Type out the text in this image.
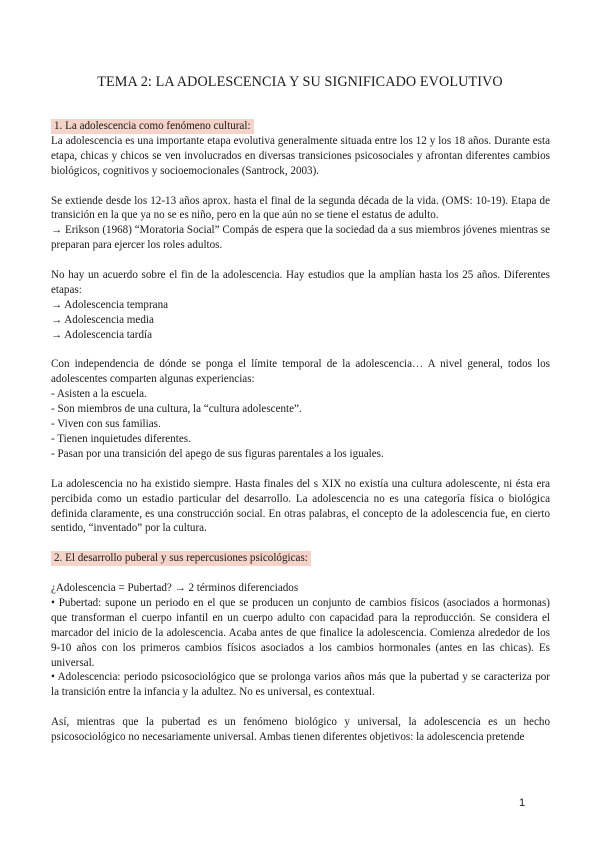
TEMA 2: LA ADOLESCENCIA Y SU SIGNIFICADO EVOLUTIVO

1. La adolescencia como fenómeno cultural:

La adolescencia es una importante etapa evolutiva generalmente situada entre los 12 y los 18 años. Durante esta etapa, chicas y chicos se ven involucrados en diversas transiciones psicosociales y afrontan diferentes cambios biológicos, cognitivos y socioemocionales (Santrock, 2003).

Se extiende desde los 12-13 años aprox. hasta el final de la segunda década de la vida. (OMS: 10-19). Etapa de transición en la que ya no se es niño, pero en la que aún no se tiene el estatus de adulto.

→ Erikson (1968) “Moratoria Social” Compás de espera que la sociedad da a sus miembros jóvenes mientras se preparan para ejercer los roles adultos.

No hay un acuerdo sobre el fin de la adolescencia. Hay estudios que la amplían hasta los 25 años. Diferentes etapas:

→ Adolescencia temprana
→ Adolescencia media
→ Adolescencia tardía

Con independencia de dónde se ponga el límite temporal de la adolescencia… A nivel general, todos los adolescentes comparten algunas experiencias:

- Asisten a la escuela.
- Son miembros de una cultura, la “cultura adolescente”.
- Viven con sus familias.
- Tienen inquietudes diferentes.
- Pasan por una transición del apego de sus figuras parentales a los iguales.

La adolescencia no ha existido siempre. Hasta finales del s XIX no existía una cultura adolescente, ni ésta era percibida como un estadio particular del desarrollo. La adolescencia no es una categoría física o biológica definida claramente, es una construcción social. En otras palabras, el concepto de la adolescencia fue, en cierto sentido, “inventado” por la cultura.

2. El desarrollo puberal y sus repercusiones psicológicas:

¿Adolescencia = Pubertad? → 2 términos diferenciados

• Pubertad: supone un periodo en el que se producen un conjunto de cambios físicos (asociados a hormonas) que transforman el cuerpo infantil en un cuerpo adulto con capacidad para la reproducción. Se considera el marcador del inicio de la adolescencia. Acaba antes de que finalice la adolescencia. Comienza alrededor de los 9-10 años con los primeros cambios físicos asociados a los cambios hormonales (antes en las chicas). Es universal.

• Adolescencia: periodo psicosociológico que se prolonga varios años más que la pubertad y se caracteriza por la transición entre la infancia y la adultez. No es universal, es contextual.

Así, mientras que la pubertad es un fenómeno biológico y universal, la adolescencia es un hecho psicosociológico no necesariamente universal. Ambas tienen diferentes objetivos: la adolescencia pretende

1
